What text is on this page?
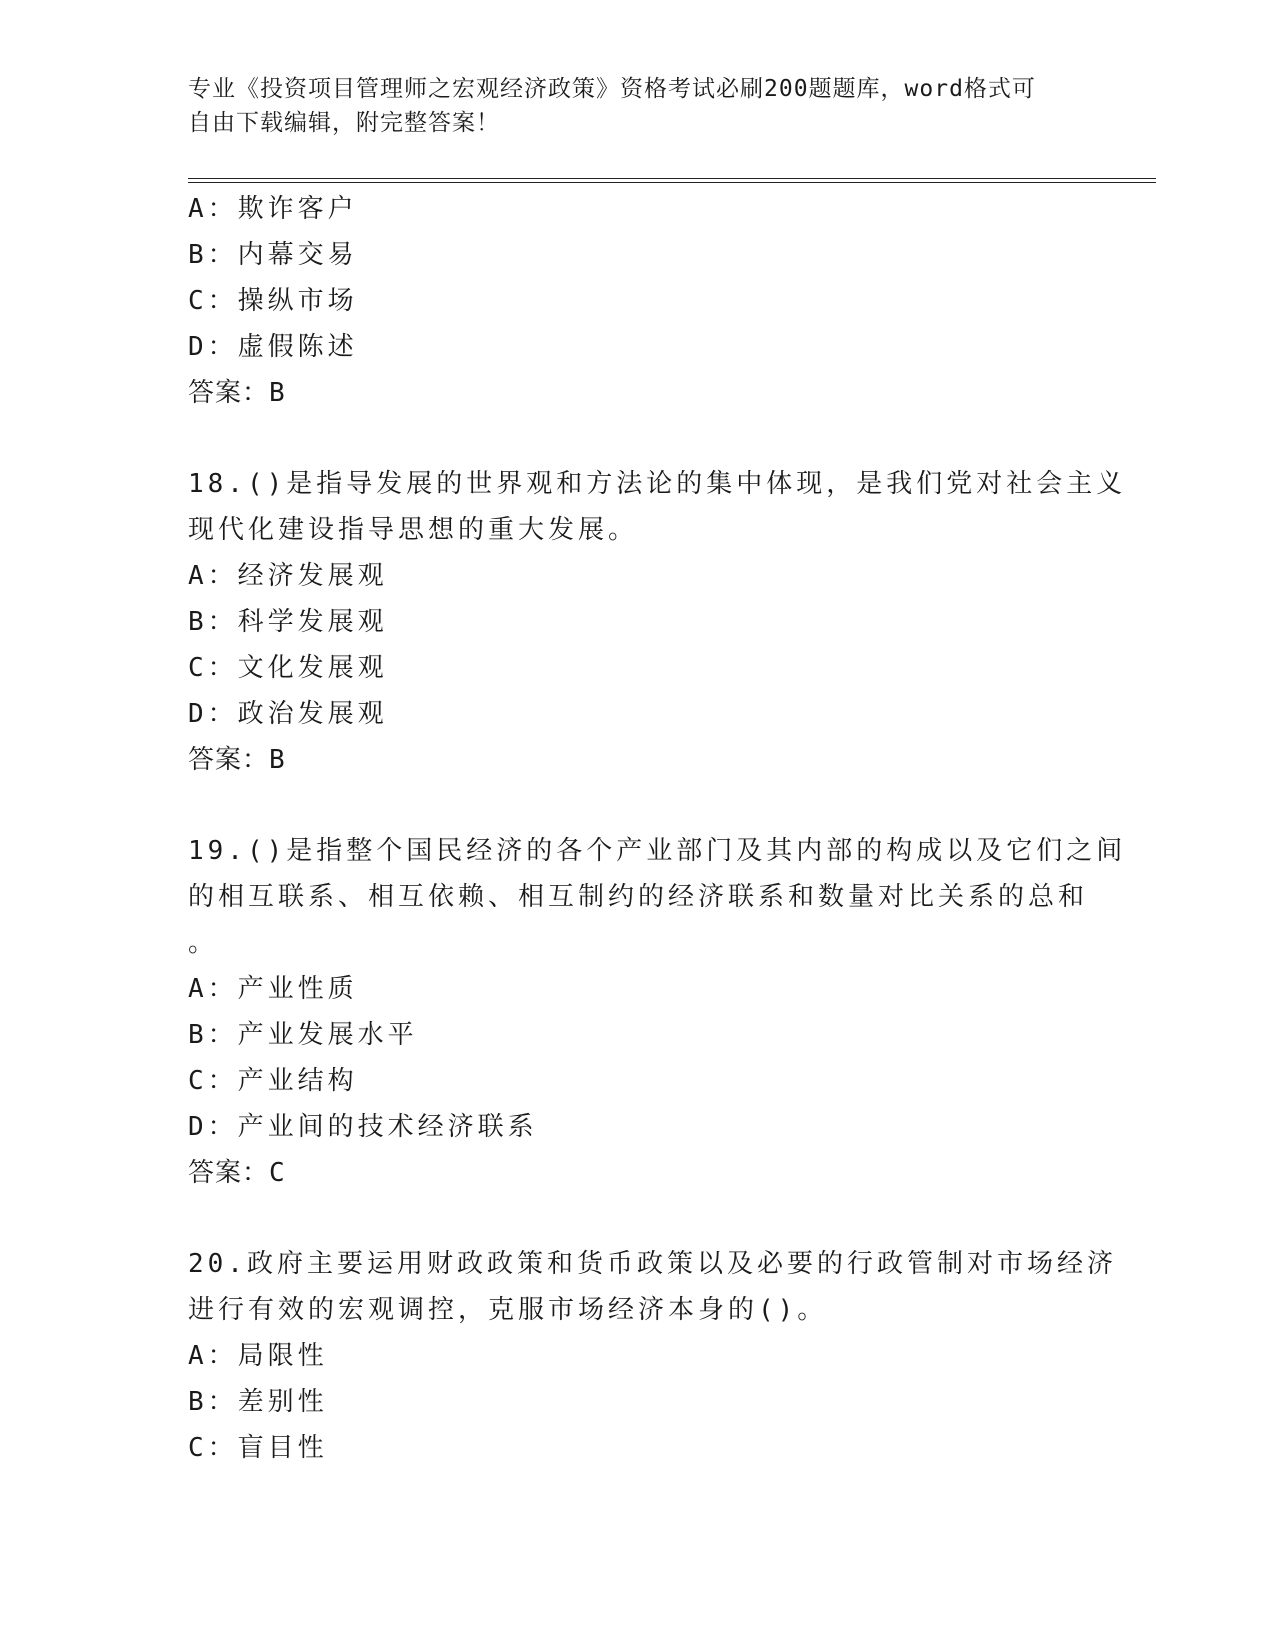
专业《投资项目管理师之宏观经济政策》资格考试必刷200题题库，word格式可
自由下载编辑，附完整答案！
A：欺诈客户
B：内幕交易
C：操纵市场
D：虚假陈述
答案：B
18.()是指导发展的世界观和方法论的集中体现，是我们党对社会主义
现代化建设指导思想的重大发展。
A：经济发展观
B：科学发展观
C：文化发展观
D：政治发展观
答案：B
19.()是指整个国民经济的各个产业部门及其内部的构成以及它们之间
的相互联系、相互依赖、相互制约的经济联系和数量对比关系的总和
。
A：产业性质
B：产业发展水平
C：产业结构
D：产业间的技术经济联系
答案：C
20.政府主要运用财政政策和货币政策以及必要的行政管制对市场经济
进行有效的宏观调控，克服市场经济本身的()。
A：局限性
B：差别性
C：盲目性
